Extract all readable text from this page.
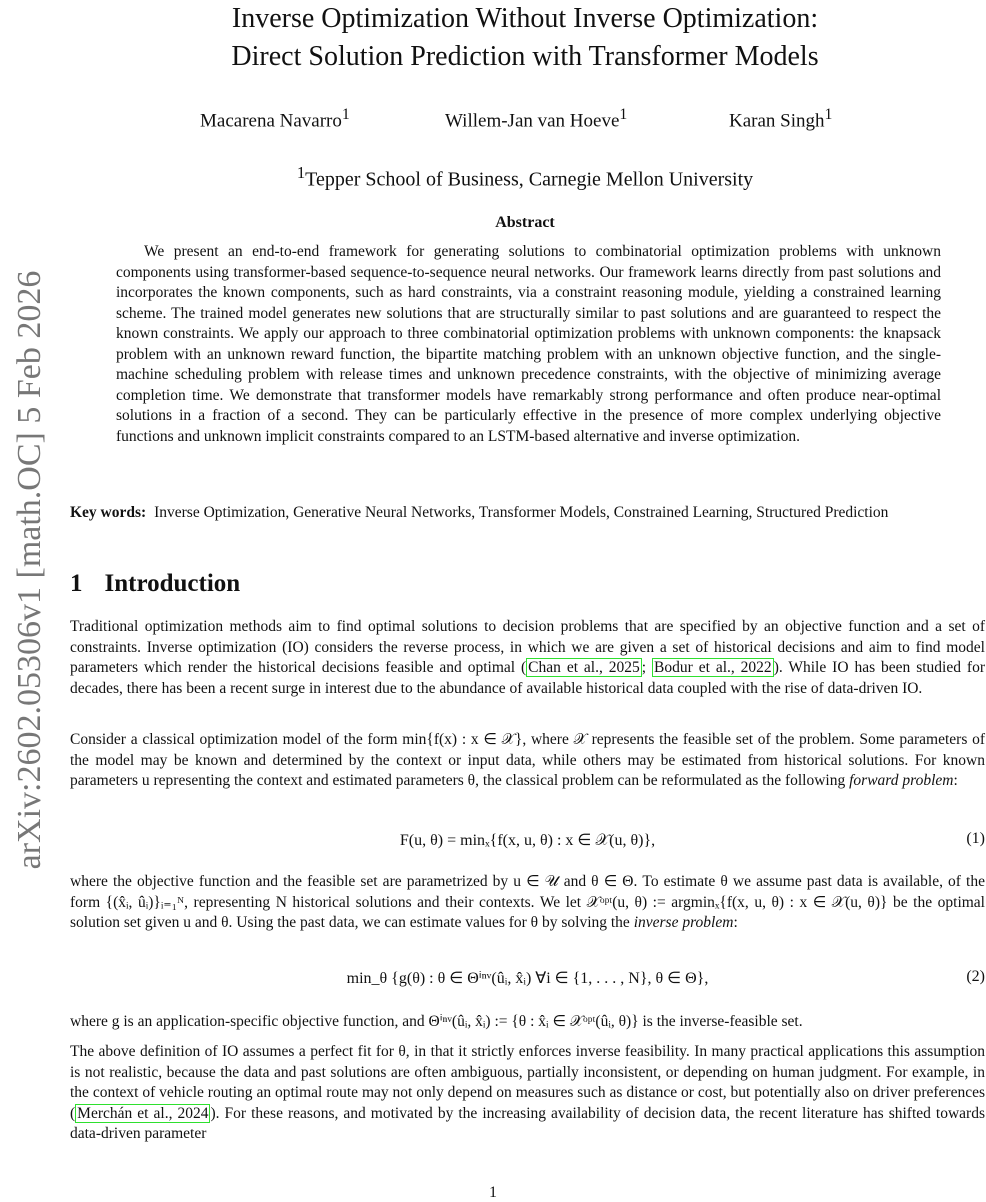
arXiv:2602.05306v1 [math.OC] 5 Feb 2026
Inverse Optimization Without Inverse Optimization:
Direct Solution Prediction with Transformer Models
Macarena Navarro$^1$	Willem-Jan van Hoeve$^1$	Karan Singh$^1$
$^1$Tepper School of Business, Carnegie Mellon University
Abstract
We present an end-to-end framework for generating solutions to combinatorial optimization problems with unknown components using transformer-based sequence-to-sequence neural networks. Our framework learns directly from past solutions and incorporates the known components, such as hard constraints, via a constraint reasoning module, yielding a constrained learning scheme. The trained model generates new solutions that are structurally similar to past solutions and are guaranteed to respect the known constraints. We apply our approach to three combinatorial optimization problems with unknown components: the knapsack problem with an unknown reward function, the bipartite matching problem with an unknown objective function, and the single-machine scheduling problem with release times and unknown precedence constraints, with the objective of minimizing average completion time. We demonstrate that transformer models have remarkably strong performance and often produce near-optimal solutions in a fraction of a second. They can be particularly effective in the presence of more complex underlying objective functions and unknown implicit constraints compared to an LSTM-based alternative and inverse optimization.
Key words: Inverse Optimization, Generative Neural Networks, Transformer Models, Constrained Learning, Structured Prediction
1 Introduction

Traditional optimization methods aim to find optimal solutions to decision problems that are specified by an objective function and a set of constraints. Inverse optimization (IO) considers the reverse process, in which we are given a set of historical decisions and aim to find model parameters which render the historical decisions feasible and optimal ( Chan et al., 2025 ; Bodur et al., 2022 ). While IO has been studied for decades, there has been a recent surge in interest due to the abundance of available historical data coupled with the rise of data-driven IO.

Consider a classical optimization model of the form min{f(x) : x ∈ 𝒳}, where 𝒳 represents the feasible set of the problem. Some parameters of the model may be known and determined by the context or input data, while others may be estimated from historical solutions. For known parameters u representing the context and estimated parameters θ, the classical problem can be reformulated as the following forward problem:

F(u, θ) = minₓ{f(x, u, θ) : x ∈ 𝒳(u, θ)},	(1)

where the objective function and the feasible set are parametrized by u ∈ 𝒰 and θ ∈ Θ. To estimate θ we assume past data is available, of the form {(x̂ᵢ, ûᵢ)}ᵢ₌₁ᴺ, representing N historical solutions and their contexts. We let 𝒳ᵒᵖᵗ(u, θ) := argminₓ{f(x, u, θ) : x ∈ 𝒳(u, θ)} be the optimal solution set given u and θ. Using the past data, we can estimate values for θ by solving the inverse problem:

min_θ {g(θ) : θ ∈ Θⁱⁿᵛ(ûᵢ, x̂ᵢ) ∀i ∈ {1, . . . , N}, θ ∈ Θ},	(2)

where g is an application-specific objective function, and Θⁱⁿᵛ(ûᵢ, x̂ᵢ) := {θ : x̂ᵢ ∈ 𝒳ᵒᵖᵗ(ûᵢ, θ)} is the inverse-feasible set.

The above definition of IO assumes a perfect fit for θ, in that it strictly enforces inverse feasibility. In many practical applications this assumption is not realistic, because the data and past solutions are often ambiguous, partially inconsistent, or depending on human judgment. For example, in the context of vehicle routing an optimal route may not only depend on measures such as distance or cost, but potentially also on driver preferences ( Merchán et al., 2024 ). For these reasons, and motivated by the increasing availability of decision data, the recent literature has shifted towards data-driven parameter

1
